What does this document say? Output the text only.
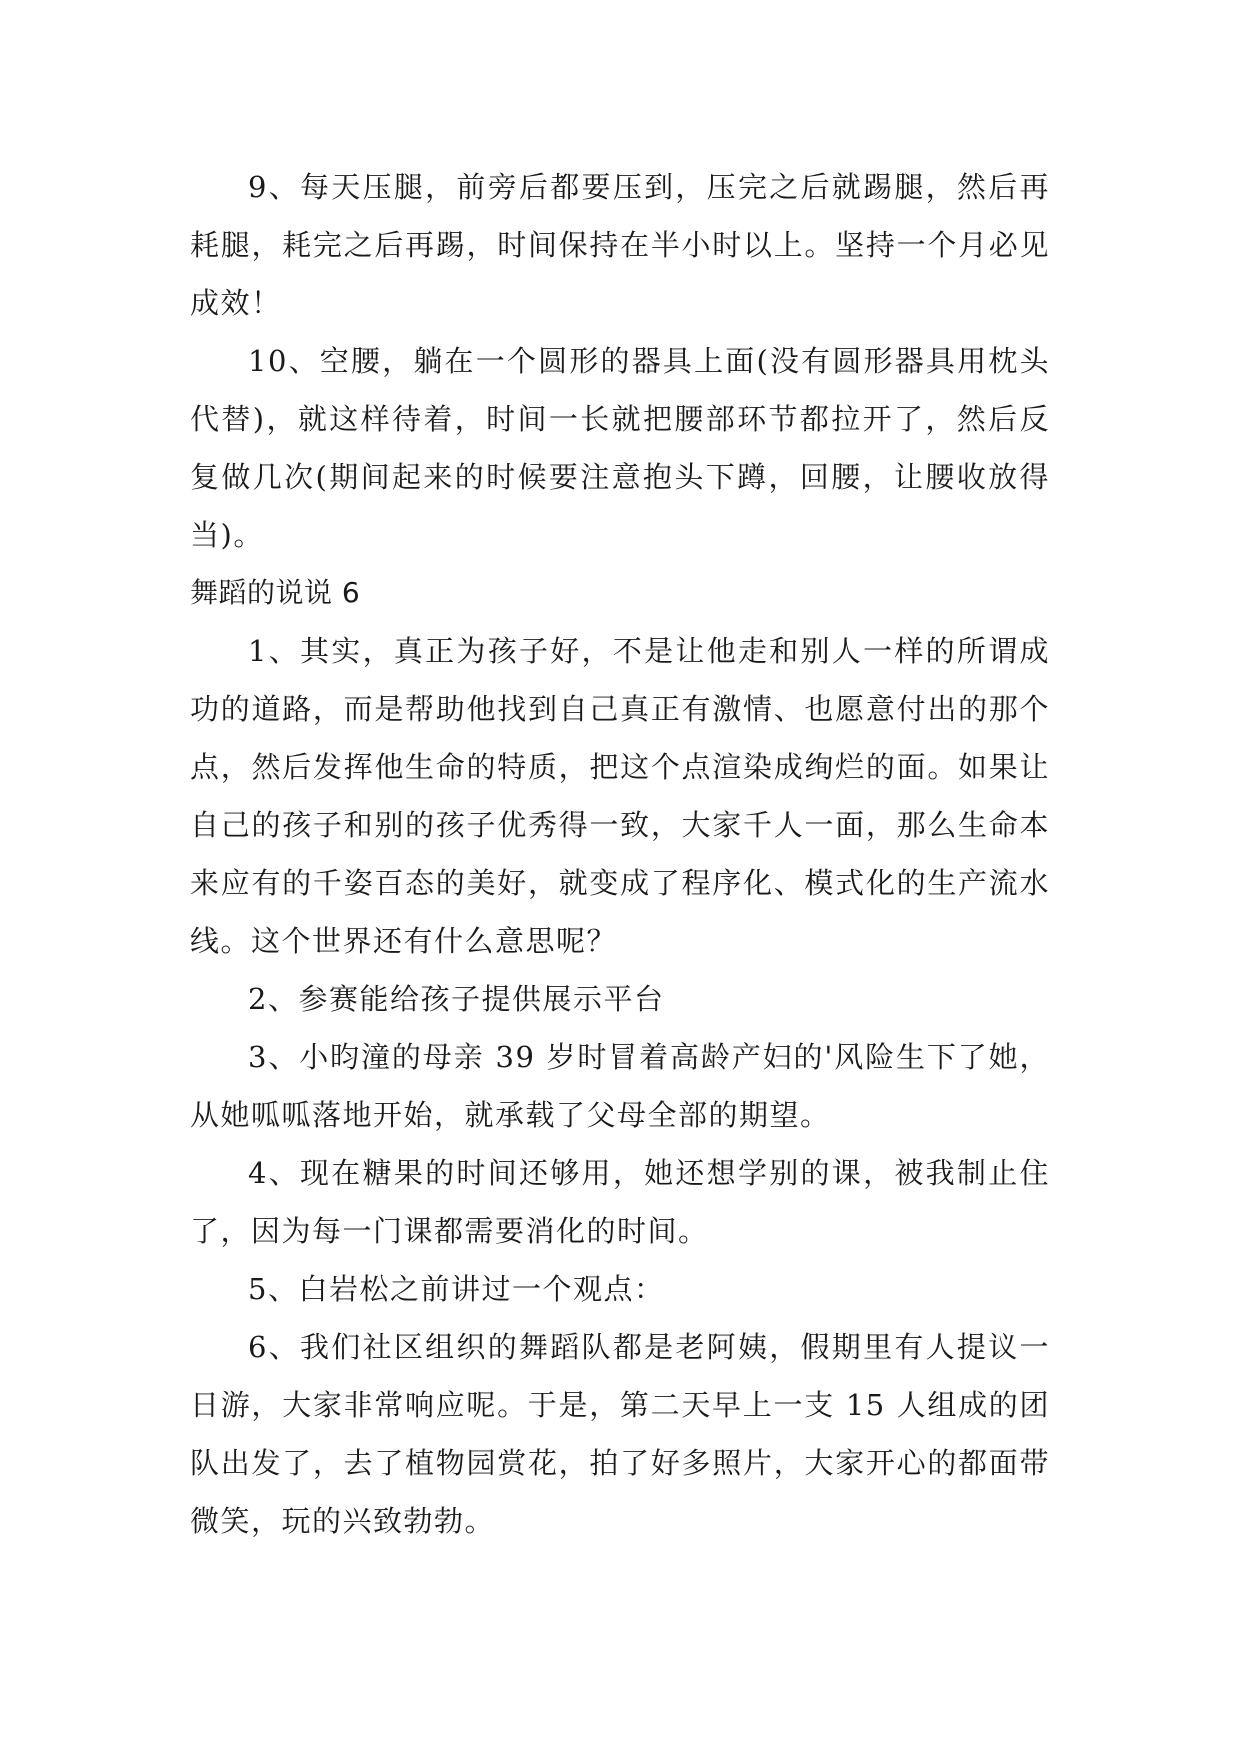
9、每天压腿，前旁后都要压到，压完之后就踢腿，然后再耗腿，耗完之后再踢，时间保持在半小时以上。坚持一个月必见成效！

10、空腰，躺在一个圆形的器具上面(没有圆形器具用枕头代替)，就这样待着，时间一长就把腰部环节都拉开了，然后反复做几次(期间起来的时候要注意抱头下蹲，回腰，让腰收放得当)。

舞蹈的说说 6

1、其实，真正为孩子好，不是让他走和别人一样的所谓成功的道路，而是帮助他找到自己真正有激情、也愿意付出的那个点，然后发挥他生命的特质，把这个点渲染成绚烂的面。如果让自己的孩子和别的孩子优秀得一致，大家千人一面，那么生命本来应有的千姿百态的美好，就变成了程序化、模式化的生产流水线。这个世界还有什么意思呢？

2、参赛能给孩子提供展示平台

3、小昀潼的母亲 39 岁时冒着高龄产妇的'风险生下了她，从她呱呱落地开始，就承载了父母全部的期望。

4、现在糖果的时间还够用，她还想学别的课，被我制止住了，因为每一门课都需要消化的时间。

5、白岩松之前讲过一个观点：

6、我们社区组织的舞蹈队都是老阿姨，假期里有人提议一日游，大家非常响应呢。于是，第二天早上一支 15 人组成的团队出发了，去了植物园赏花，拍了好多照片，大家开心的都面带微笑，玩的兴致勃勃。
